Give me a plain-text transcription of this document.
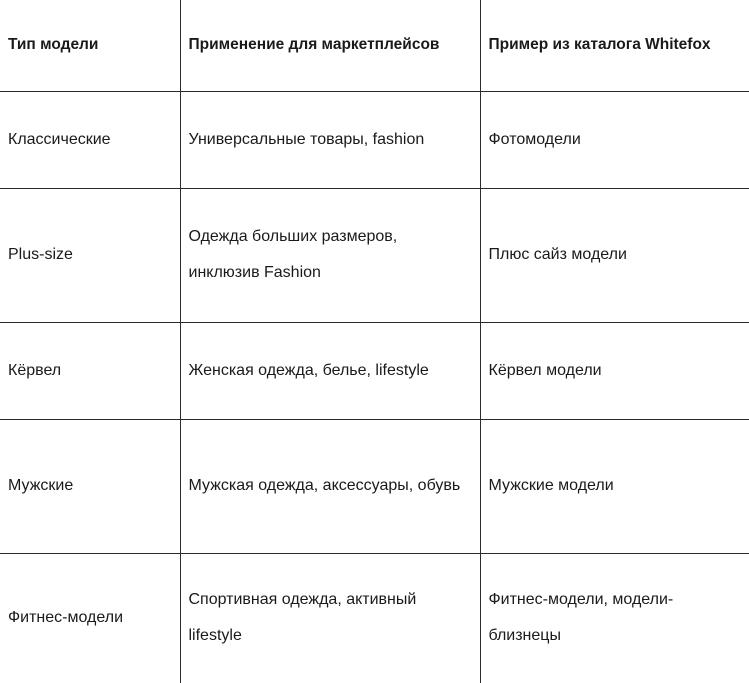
Тип модели	Применение для маркетплейсов	Пример из каталога Whitefox

Классические	Универсальные товары, fashion	Фотомодели

Plus-size	Одежда больших размеров, инклюзив Fashion	Плюс сайз модели

Кёрвел	Женская одежда, белье, lifestyle	Кёрвел модели

Мужские	Мужская одежда, аксессуары, обувь	Мужские модели

Фитнес-модели	Спортивная одежда, активный lifestyle	Фитнес-модели, модели-близнецы
